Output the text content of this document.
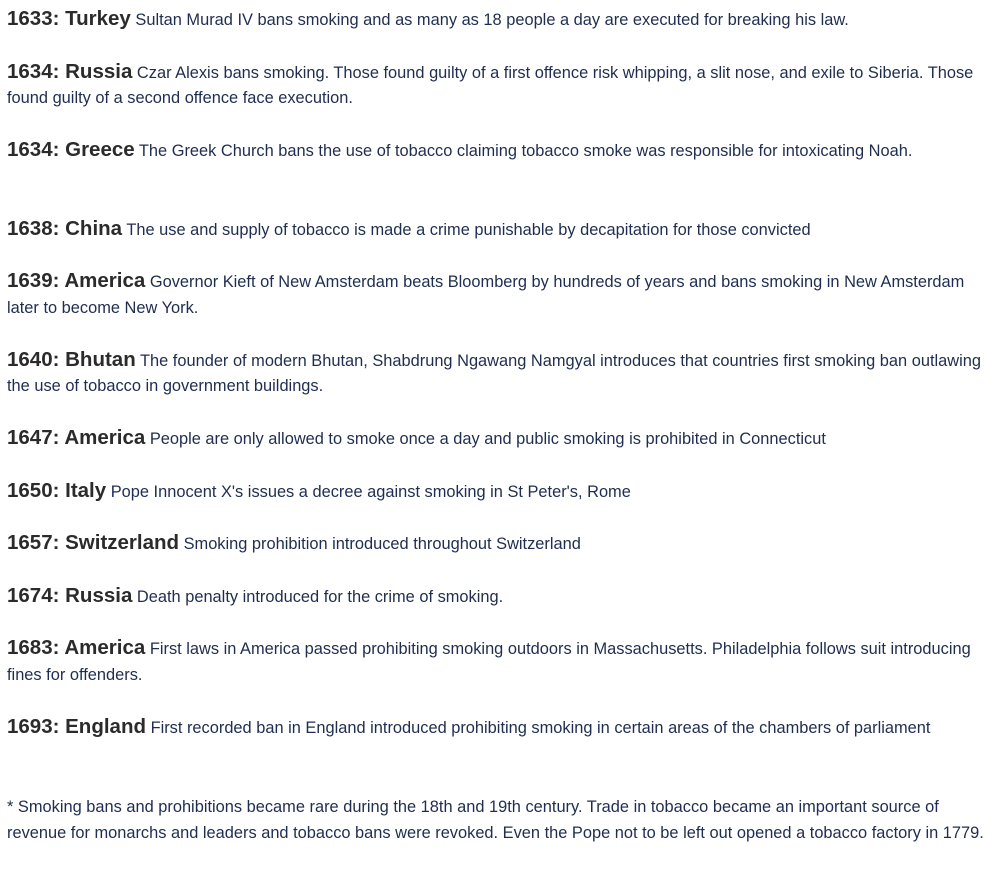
1633: Turkey Sultan Murad IV bans smoking and as many as 18 people a day are executed for breaking his law.

1634: Russia Czar Alexis bans smoking. Those found guilty of a first offence risk whipping, a slit nose, and exile to Siberia. Those found guilty of a second offence face execution.

1634: Greece The Greek Church bans the use of tobacco claiming tobacco smoke was responsible for intoxicating Noah.

1638: China The use and supply of tobacco is made a crime punishable by decapitation for those convicted

1639: America Governor Kieft of New Amsterdam beats Bloomberg by hundreds of years and bans smoking in New Amsterdam later to become New York.

1640: Bhutan The founder of modern Bhutan, Shabdrung Ngawang Namgyal introduces that countries first smoking ban outlawing the use of tobacco in government buildings.

1647: America People are only allowed to smoke once a day and public smoking is prohibited in Connecticut

1650: Italy Pope Innocent X's issues a decree against smoking in St Peter's, Rome

1657: Switzerland Smoking prohibition introduced throughout Switzerland

1674: Russia Death penalty introduced for the crime of smoking.

1683: America First laws in America passed prohibiting smoking outdoors in Massachusetts. Philadelphia follows suit introducing fines for offenders.

1693: England First recorded ban in England introduced prohibiting smoking in certain areas of the chambers of parliament

* Smoking bans and prohibitions became rare during the 18th and 19th century. Trade in tobacco became an important source of revenue for monarchs and leaders and tobacco bans were revoked. Even the Pope not to be left out opened a tobacco factory in 1779.
